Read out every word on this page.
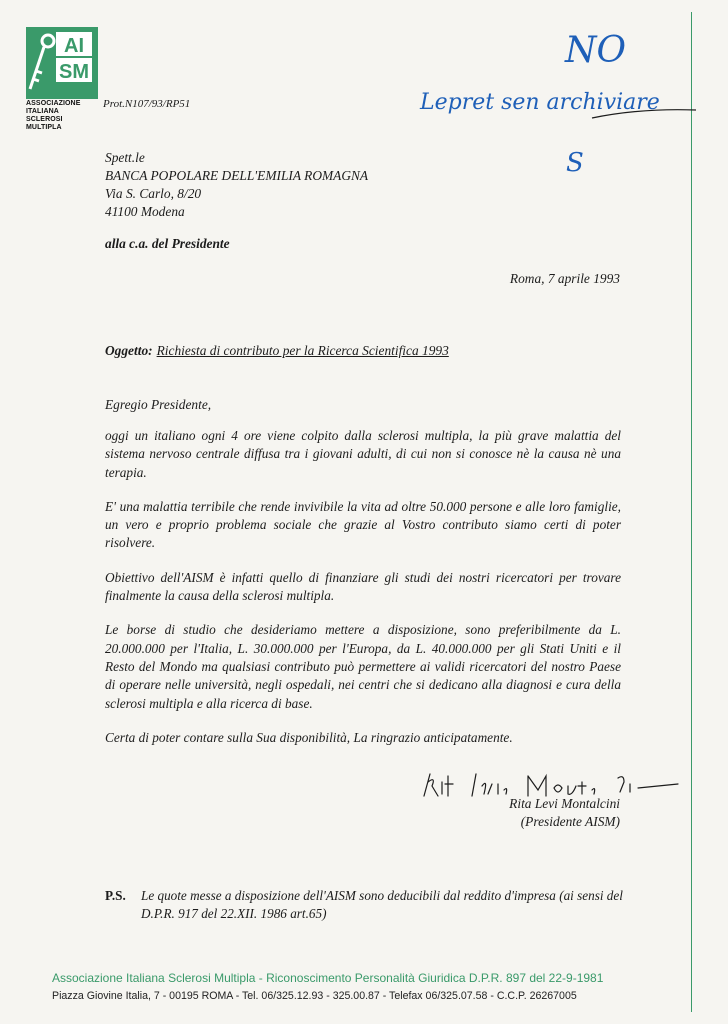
AI
SM
ASSOCIAZIONE
ITALIANA
SCLEROSI
MULTIPLA
Prot.N107/93/RP51
NO
Lepret sen archiviare
S
Spett.le
BANCA POPOLARE DELL'EMILIA ROMAGNA
Via S. Carlo, 8/20
41100 Modena
alla c.a. del Presidente
Roma, 7 aprile 1993
Oggetto: Richiesta di contributo per la Ricerca Scientifica 1993
Egregio Presidente,

oggi un italiano ogni 4 ore viene colpito dalla sclerosi multipla, la più grave malattia del sistema nervoso centrale diffusa tra i giovani adulti, di cui non si conosce nè la causa nè una terapia.

E' una malattia terribile che rende invivibile la vita ad oltre 50.000 persone e alle loro famiglie, un vero e proprio problema sociale che grazie al Vostro contributo siamo certi di poter risolvere.

Obiettivo dell'AISM è infatti quello di finanziare gli studi dei nostri ricercatori per trovare finalmente la causa della sclerosi multipla.

Le borse di studio che desideriamo mettere a disposizione, sono preferibilmente da L. 20.000.000 per l'Italia, L. 30.000.000 per l'Europa, da L. 40.000.000 per gli Stati Uniti e il Resto del Mondo ma qualsiasi contributo può permettere ai validi ricercatori del nostro Paese di operare nelle università, negli ospedali, nei centri che si dedicano alla diagnosi e cura della sclerosi multipla e alla ricerca di base.

Certa di poter contare sulla Sua disponibilità, La ringrazio anticipatamente.

Rita Levi Montalcini
(Presidente AISM)
P.S. Le quote messe a disposizione dell'AISM sono deducibili dal reddito d'impresa (ai sensi del D.P.R. 917 del 22.XII. 1986 art.65)
Associazione Italiana Sclerosi Multipla - Riconoscimento Personalità Giuridica D.P.R. 897 del 22-9-1981
Piazza Giovine Italia, 7 - 00195 ROMA - Tel. 06/325.12.93 - 325.00.87 - Telefax 06/325.07.58 - C.C.P. 26267005
